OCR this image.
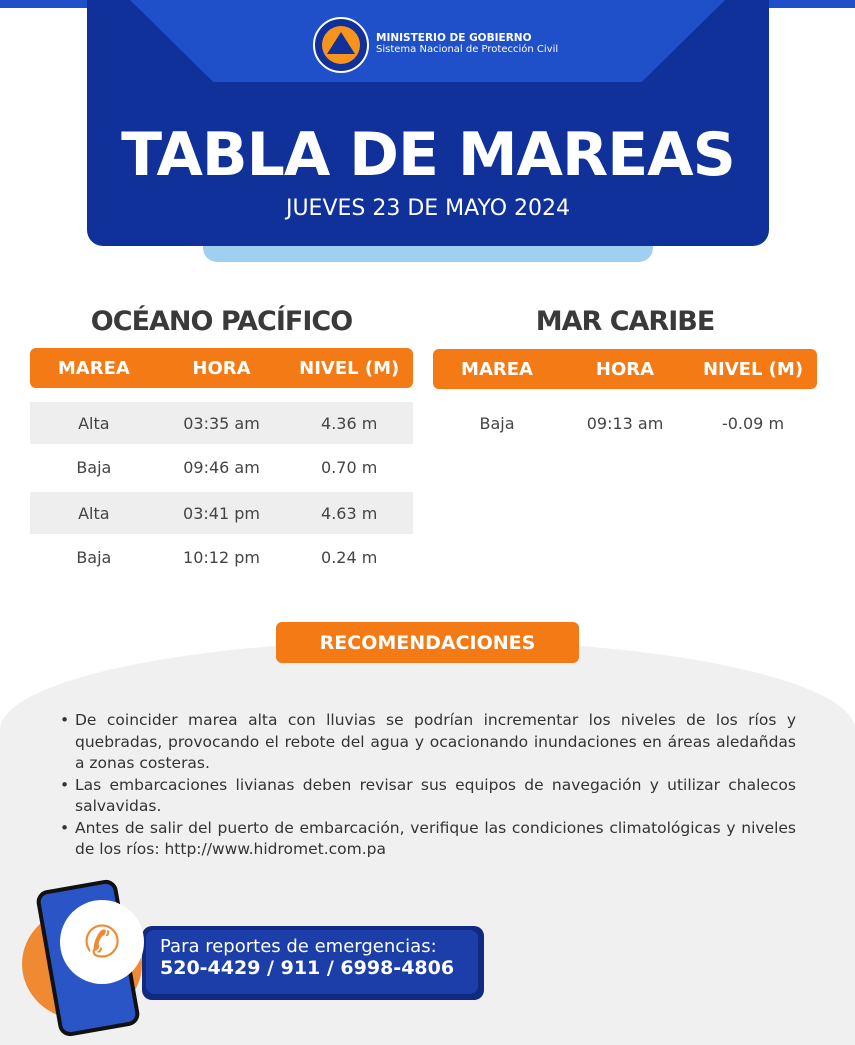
MINISTERIO DE GOBIERNO
Sistema Nacional de Protección Civil
TABLA DE MAREAS
JUEVES 23 DE MAYO 2024
OCÉANO PACÍFICO
MAREA	HORA	NIVEL (M)
Alta	03:35 am	4.36 m
Baja	09:46 am	0.70 m
Alta	03:41 pm	4.63 m
Baja	10:12 pm	0.24 m
MAR CARIBE
MAREA	HORA	NIVEL (M)
Baja	09:13 am	-0.09 m
RECOMENDACIONES
• De coincider marea alta con lluvias se podrían incrementar los niveles de los ríos y quebradas, provocando el rebote del agua y ocacionando inundaciones en áreas aledañdas a zonas costeras.
• Las embarcaciones livianas deben revisar sus equipos de navegación y utilizar chalecos salvavidas.
• Antes de salir del puerto de embarcación, verifique las condiciones climatológicas y niveles de los ríos: http://www.hidromet.com.pa
Para reportes de emergencias:
520-4429 / 911 / 6998-4806
✆
